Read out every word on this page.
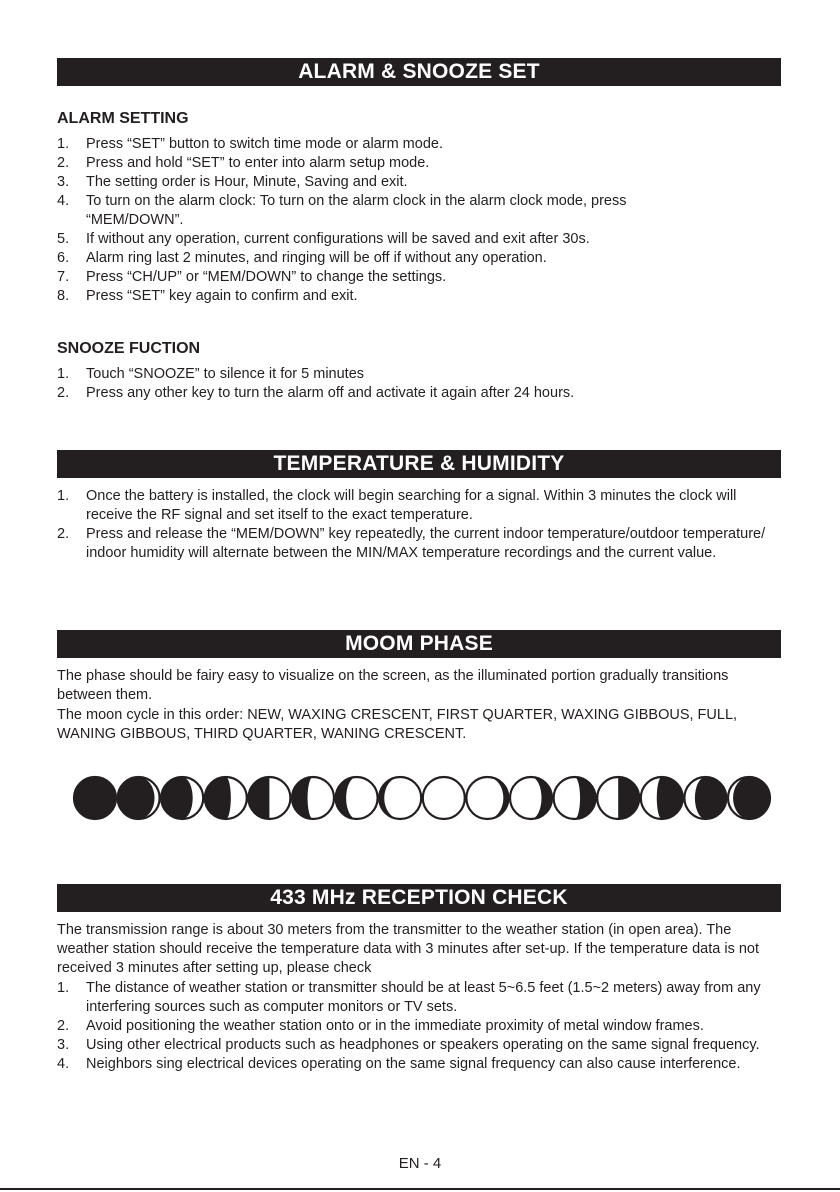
ALARM & SNOOZE SET
ALARM SETTING
1. Press “SET” button to switch time mode or alarm mode.
2. Press and hold “SET” to enter into alarm setup mode.
3. The setting order is Hour, Minute, Saving and exit.
4. To turn on the alarm clock: To turn on the alarm clock in the alarm clock mode, press “MEM/DOWN”.
5. If without any operation, current configurations will be saved and exit after 30s.
6. Alarm ring last 2 minutes, and ringing will be off if without any operation.
7. Press “CH/UP” or “MEM/DOWN” to change the settings.
8. Press “SET” key again to confirm and exit.
SNOOZE FUCTION
1. Touch “SNOOZE” to silence it for 5 minutes
2. Press any other key to turn the alarm off and activate it again after 24 hours.
TEMPERATURE & HUMIDITY
1. Once the battery is installed, the clock will begin searching for a signal. Within 3 minutes the clock will receive the RF signal and set itself to the exact temperature.
2. Press and release the “MEM/DOWN” key repeatedly, the current indoor temperature/outdoor temperature/ indoor humidity will alternate between the MIN/MAX temperature recordings and the current value.
MOOM PHASE

The phase should be fairy easy to visualize on the screen, as the illuminated portion gradually transitions between them.

The moon cycle in this order: NEW, WAXING CRESCENT, FIRST QUARTER, WAXING GIBBOUS, FULL, WANING GIBBOUS, THIRD QUARTER, WANING CRESCENT.

433 MHz RECEPTION CHECK

The transmission range is about 30 meters from the transmitter to the weather station (in open area). The weather station should receive the temperature data with 3 minutes after set-up. If the temperature data is not received 3 minutes after setting up, please check

1. The distance of weather station or transmitter should be at least 5~6.5 feet (1.5~2 meters) away from any interfering sources such as computer monitors or TV sets.
2. Avoid positioning the weather station onto or in the immediate proximity of metal window frames.
3. Using other electrical products such as headphones or speakers operating on the same signal frequency.
4. Neighbors sing electrical devices operating on the same signal frequency can also cause interference.
EN - 4
